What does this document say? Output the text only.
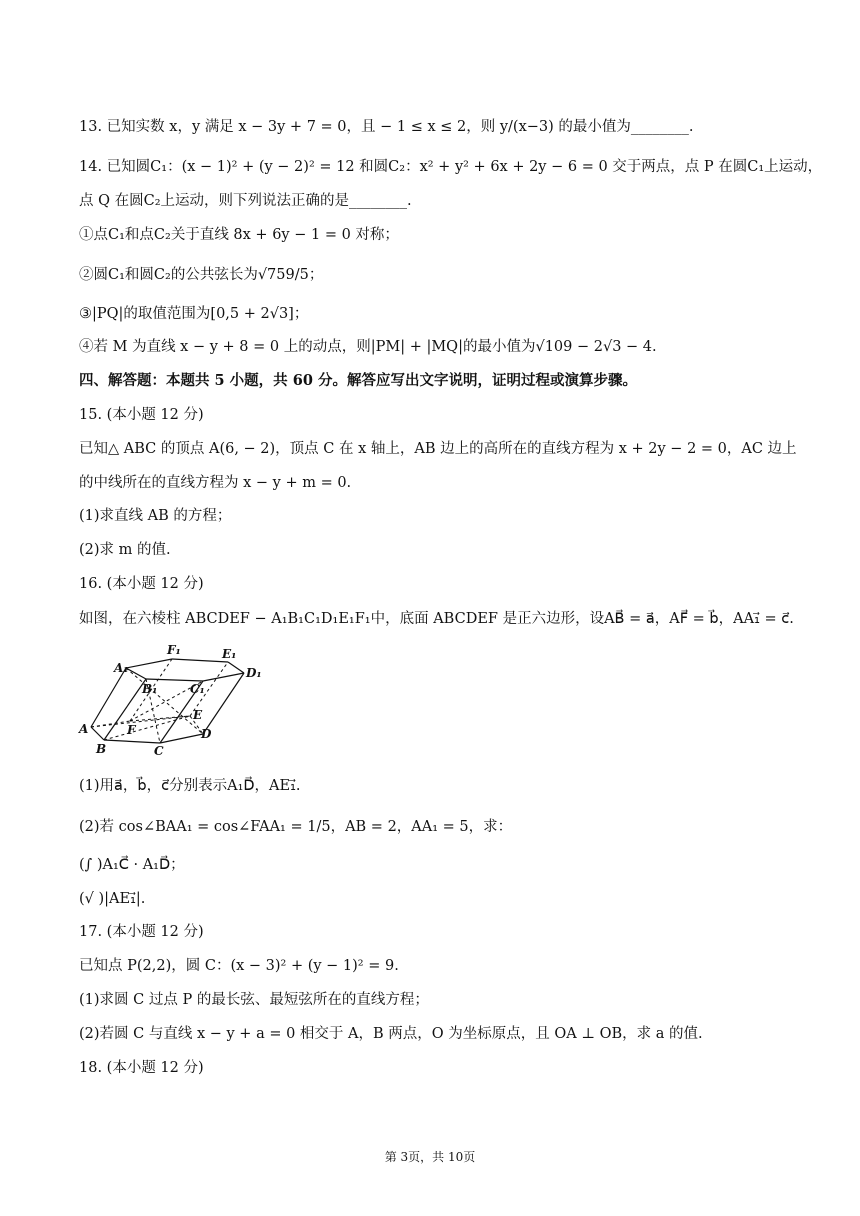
13. 已知实数 x，y 满足 x − 3y + 7 = 0，且 − 1 ≤ x ≤ 2，则 y/(x−3) 的最小值为________.
14. 已知圆C₁：(x − 1)² + (y − 2)² = 12 和圆C₂：x² + y² + 6x + 2y − 6 = 0 交于两点，点 P 在圆C₁上运动，
点 Q 在圆C₂上运动，则下列说法正确的是________.
①点C₁和点C₂关于直线 8x + 6y − 1 = 0 对称；
②圆C₁和圆C₂的公共弦长为√759/5；
③|PQ|的取值范围为[0,5 + 2√3]；
④若 M 为直线 x − y + 8 = 0 上的动点，则|PM| + |MQ|的最小值为√109 − 2√3 − 4.
四、解答题：本题共 5 小题，共 60 分。解答应写出文字说明，证明过程或演算步骤。
15. (本小题 12 分)
已知△ ABC 的顶点 A(6, − 2)，顶点 C 在 x 轴上，AB 边上的高所在的直线方程为 x + 2y − 2 = 0，AC 边上
的中线所在的直线方程为 x − y + m = 0.
(1)求直线 AB 的方程；
(2)求 m 的值.
16. (本小题 12 分)
如图，在六棱柱 ABCDEF − A₁B₁C₁D₁E₁F₁中，底面 ABCDEF 是正六边形，设AB⃗ = a⃗，AF⃗ = b⃗，AA₁⃗ = c⃗.
A
B	C
D
E
F
A₁
B₁	C₁
D₁
E₁
F₁
(1)用a⃗，b⃗，c⃗分别表示A₁D⃗，AE₁⃗.
(2)若 cos∠BAA₁ = cos∠FAA₁ = 1/5，AB = 2，AA₁ = 5，求：
(∫ )A₁C⃗ · A₁D⃗；
(√ )|AE₁⃗|.
17. (本小题 12 分)
已知点 P(2,2)，圆 C：(x − 3)² + (y − 1)² = 9.
(1)求圆 C 过点 P 的最长弦、最短弦所在的直线方程；
(2)若圆 C 与直线 x − y + a = 0 相交于 A，B 两点，O 为坐标原点，且 OA ⊥ OB，求 a 的值.
18. (本小题 12 分)
第 3页，共 10页
